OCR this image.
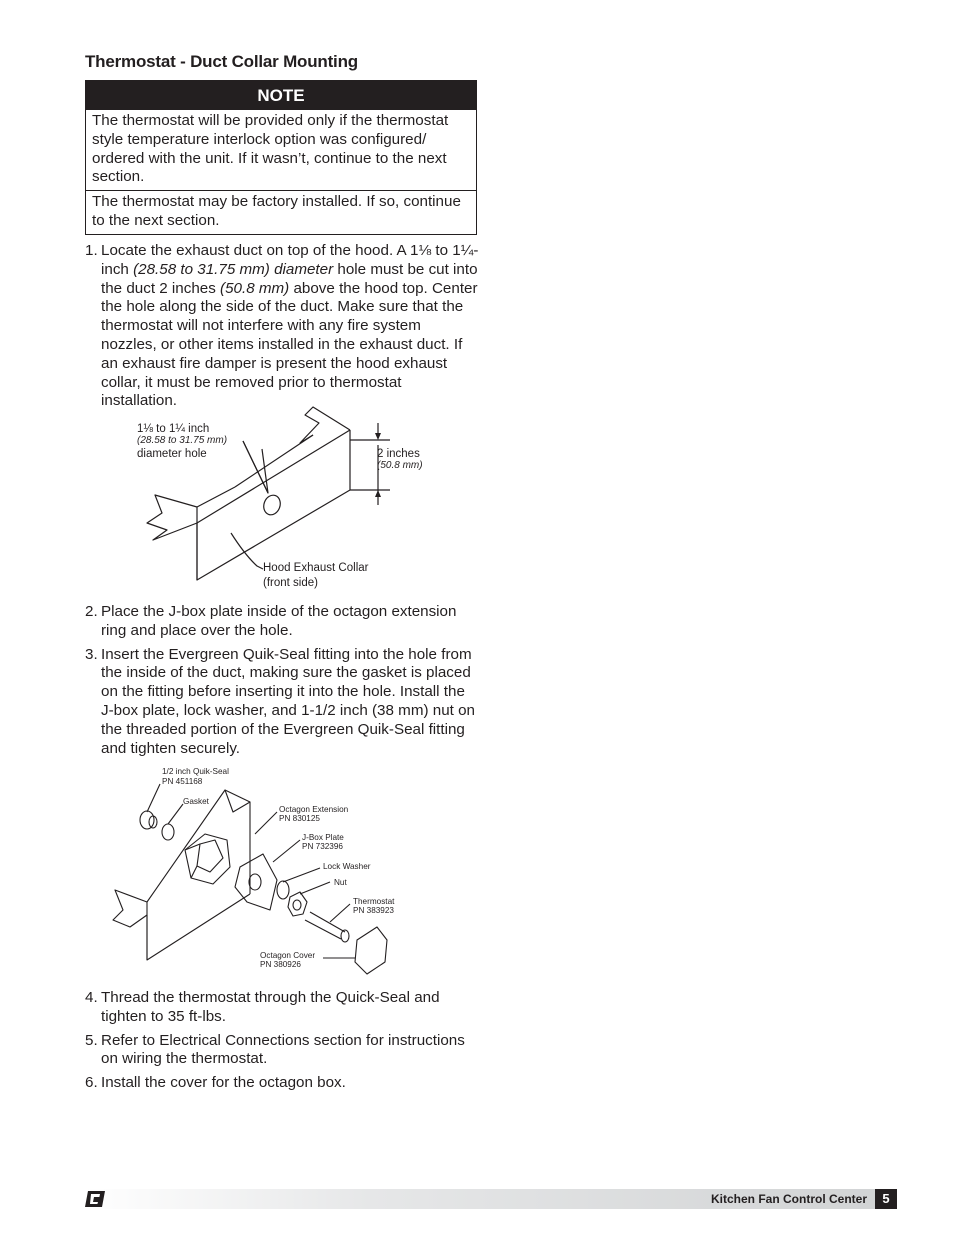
Thermostat - Duct Collar Mounting
NOTE
The thermostat will be provided only if the thermostat style temperature interlock option was configured/ ordered with the unit. If it wasn’t, continue to the next section.
The thermostat may be factory installed. If so, continue to the next section.
1. Locate the exhaust duct on top of the hood. A 1⅛ to 1¼-inch (28.58 to 31.75 mm) diameter hole must be cut into the duct 2 inches (50.8 mm) above the hood top. Center the hole along the side of the duct. Make sure that the thermostat will not interfere with any fire system nozzles, or other items installed in the exhaust duct. If an exhaust fire damper is present the hood exhaust collar, it must be removed prior to thermostat installation.
1⅛ to 1¼ inch
(28.58 to 31.75 mm)
diameter hole	2 inches
(50.8 mm)
Hood Exhaust Collar
(front side)
2. Place the J-box plate inside of the octagon extension ring and place over the hole.
3. Insert the Evergreen Quik-Seal fitting into the hole from the inside of the duct, making sure the gasket is placed on the fitting before inserting it into the hole. Install the J-box plate, lock washer, and 1-1/2 inch (38 mm) nut on the threaded portion of the Evergreen Quik-Seal fitting and tighten securely.
1/2 inch Quik-Seal
PN 451168
Gasket
Octagon Extension
PN 830125
J-Box Plate
PN 732396
Lock Washer
Nut
Thermostat
PN 383923
Octagon Cover
PN 380926
4. Thread the thermostat through the Quick-Seal and tighten to 35 ft-lbs.
5. Refer to Electrical Connections section for instructions on wiring the thermostat.
6. Install the cover for the octagon box.
Kitchen Fan Control Center	5
